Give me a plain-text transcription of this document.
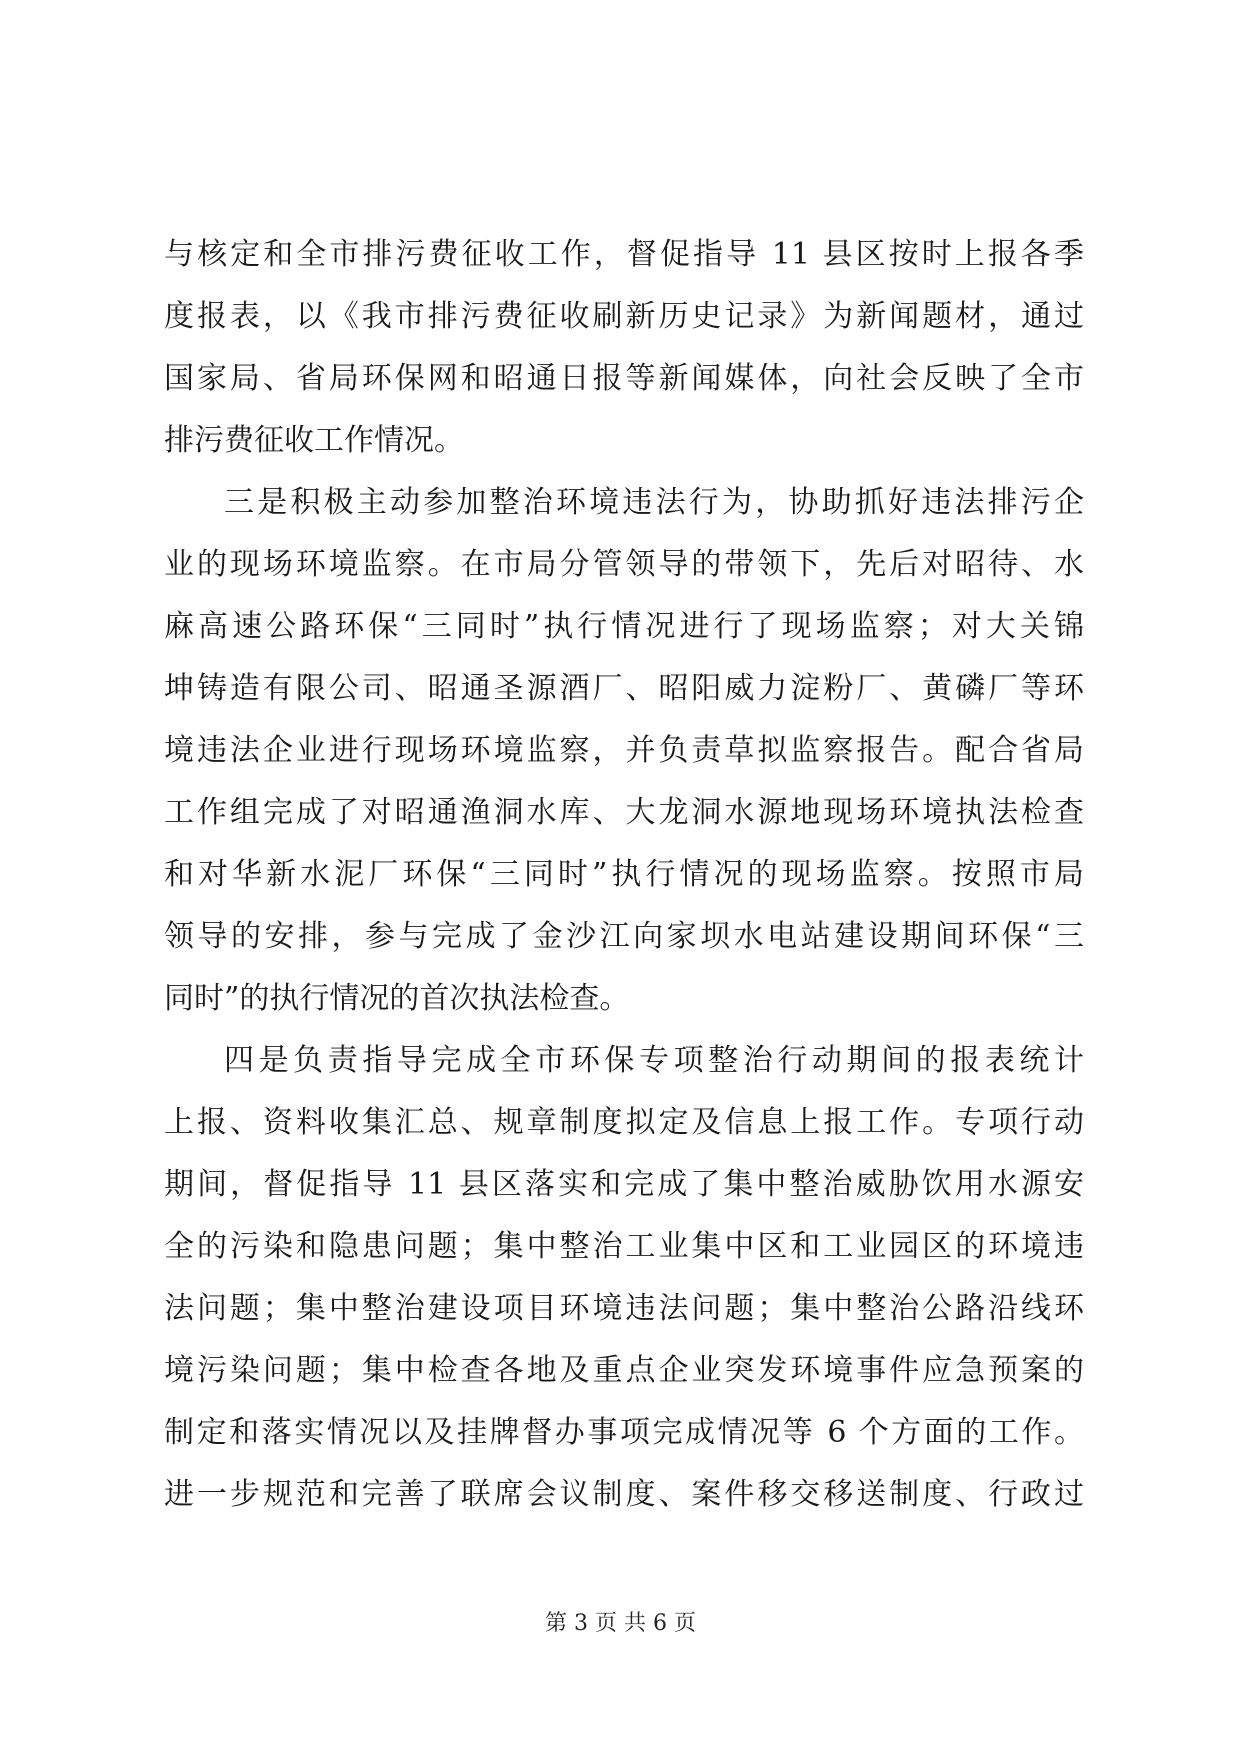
与核定和全市排污费征收工作，督促指导 11 县区按时上报各季
度报表，以《我市排污费征收刷新历史记录》为新闻题材，通过
国家局、省局环保网和昭通日报等新闻媒体，向社会反映了全市
排污费征收工作情况。
三是积极主动参加整治环境违法行为，协助抓好违法排污企
业的现场环境监察。在市局分管领导的带领下，先后对昭待、水
麻高速公路环保“三同时”执行情况进行了现场监察；对大关锦
坤铸造有限公司、昭通圣源酒厂、昭阳威力淀粉厂、黄磷厂等环
境违法企业进行现场环境监察，并负责草拟监察报告。配合省局
工作组完成了对昭通渔洞水库、大龙洞水源地现场环境执法检查
和对华新水泥厂环保“三同时”执行情况的现场监察。按照市局
领导的安排，参与完成了金沙江向家坝水电站建设期间环保“三
同时”的执行情况的首次执法检查。
四是负责指导完成全市环保专项整治行动期间的报表统计
上报、资料收集汇总、规章制度拟定及信息上报工作。专项行动
期间，督促指导 11 县区落实和完成了集中整治威胁饮用水源安
全的污染和隐患问题；集中整治工业集中区和工业园区的环境违
法问题；集中整治建设项目环境违法问题；集中整治公路沿线环
境污染问题；集中检查各地及重点企业突发环境事件应急预案的
制定和落实情况以及挂牌督办事项完成情况等 6 个方面的工作。
进一步规范和完善了联席会议制度、案件移交移送制度、行政过
第 3 页 共 6 页
